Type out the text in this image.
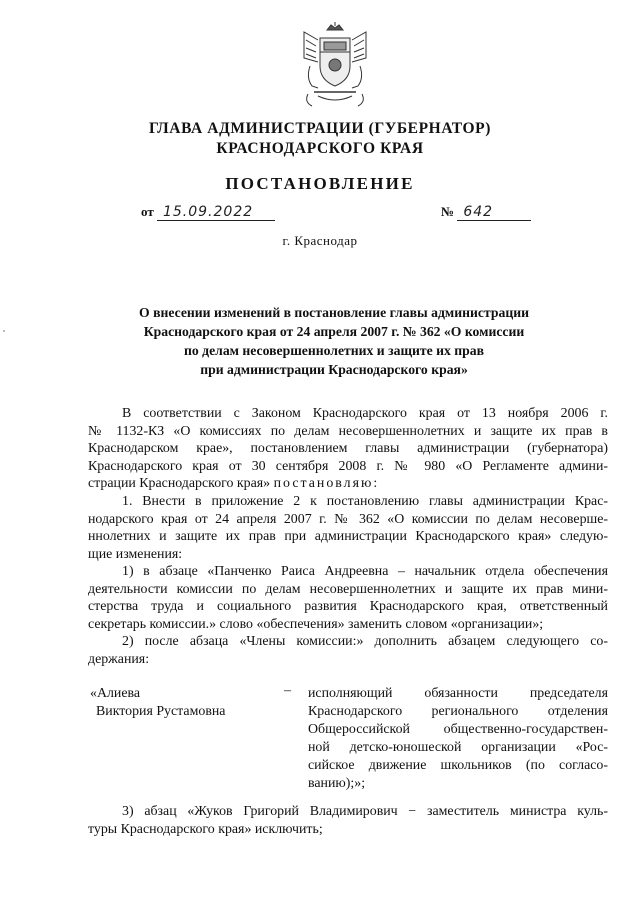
ГЛАВА АДМИНИСТРАЦИИ (ГУБЕРНАТОР)
КРАСНОДАРСКОГО КРАЯ
ПОСТАНОВЛЕНИЕ
от 15.09.2022	№ 642
г. Краснодар
О внесении изменений в постановление главы администрации
Краснодарского края от 24 апреля 2007 г. № 362 «О комиссии
по делам несовершеннолетних и защите их прав
при администрации Краснодарского края»
В соответствии с Законом Краснодарского края от 13 ноября 2006 г.
№ 1132-КЗ «О комиссиях по делам несовершеннолетних и защите их прав в
Краснодарском крае», постановлением главы администрации (губернатора)
Краснодарского края от 30 сентября 2008 г. № 980 «О Регламенте админи-
страции Краснодарского края» постановляю:
1. Внести в приложение 2 к постановлению главы администрации Крас-
нодарского края от 24 апреля 2007 г. № 362 «О комиссии по делам несоверше-
ннолетних и защите их прав при администрации Краснодарского края» следую-
щие изменения:
1) в абзаце «Панченко Раиса Андреевна – начальник отдела обеспечения
деятельности комиссии по делам несовершеннолетних и защите их прав мини-
стерства труда и социального развития Краснодарского края, ответственный
секретарь комиссии.» слово «обеспечения» заменить словом «организации»;
2) после абзаца «Члены комиссии:» дополнить абзацем следующего со-
держания:
«Алиева
Виктория Рустамовна
– исполняющий обязанности председателя
Краснодарского регионального отделения
Общероссийской общественно-государствен-
ной детско-юношеской организации «Рос-
сийское движение школьников (по согласо-
ванию);»;
3) абзац «Жуков Григорий Владимирович − заместитель министра куль-
туры Краснодарского края» исключить;
